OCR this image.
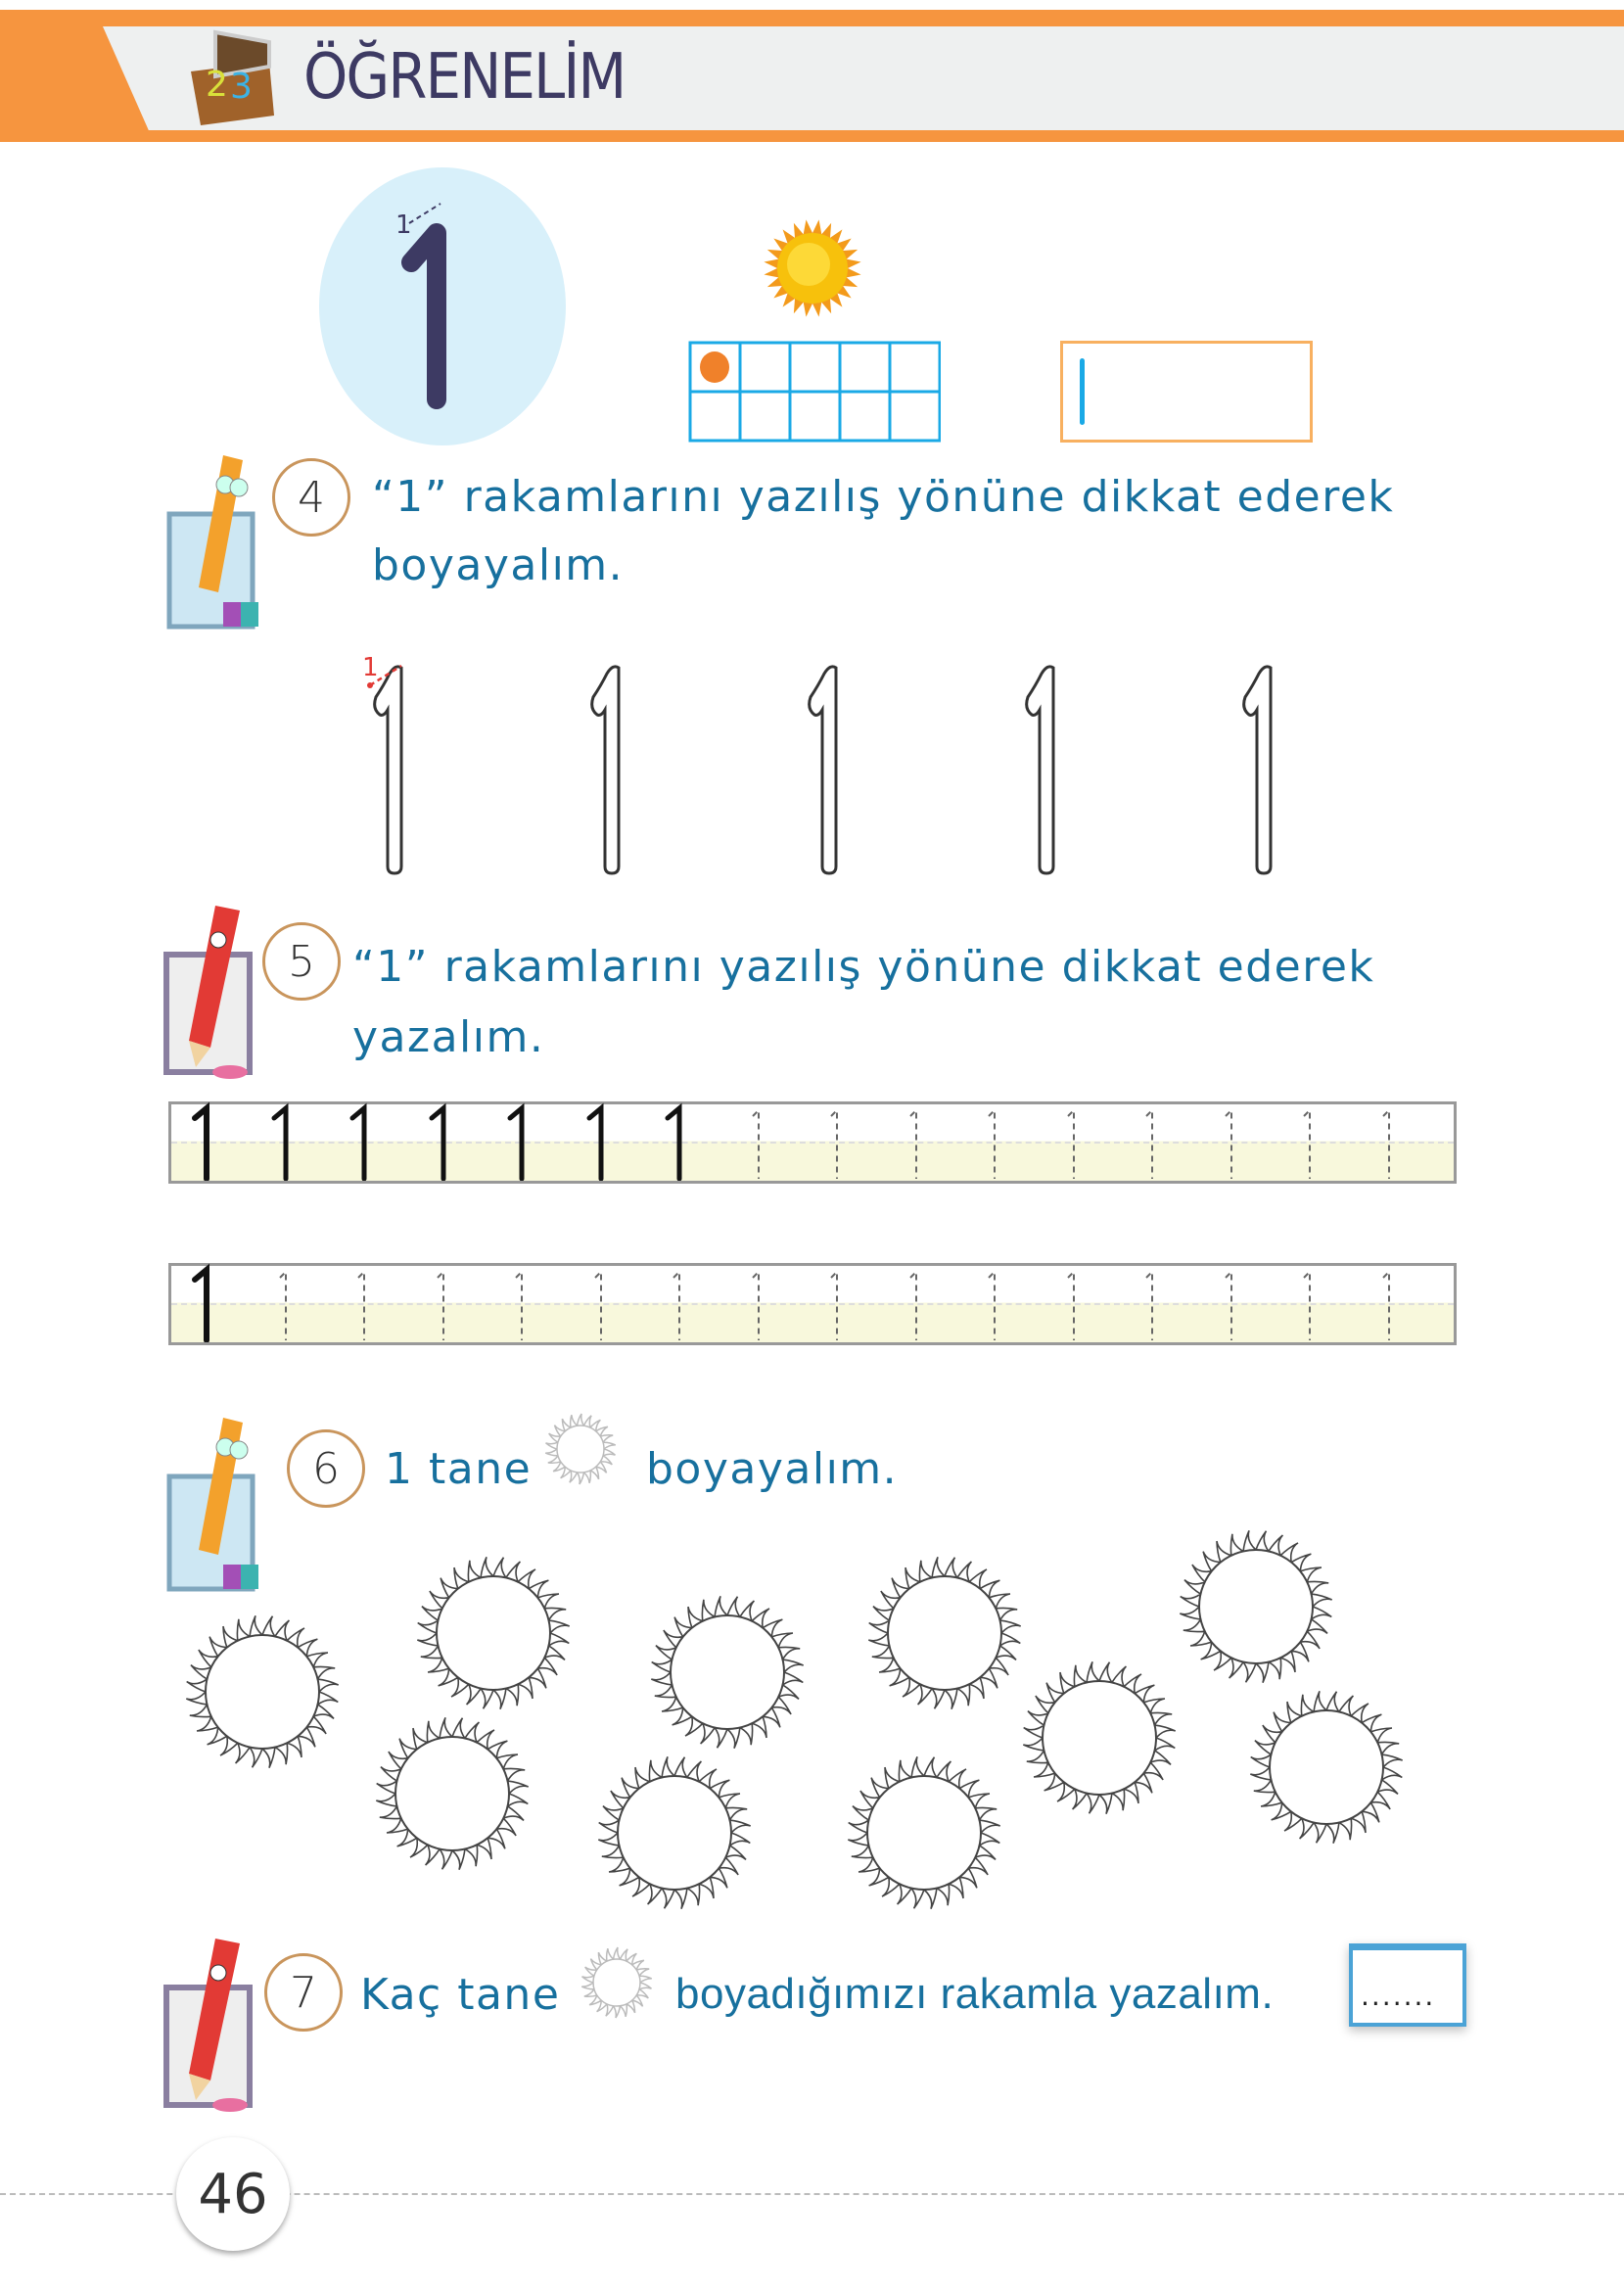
2 3 ÖĞRENELİM
1
4	“1” rakamlarını yazılış yönüne dikkat ederek
boyayalım.
1
5 “1” rakamlarını yazılış yönüne dikkat ederek
yazalım.
6	1 tane	boyayalım.
7	Kaç tane	boyadığımızı rakamla yazalım.	.......
46
